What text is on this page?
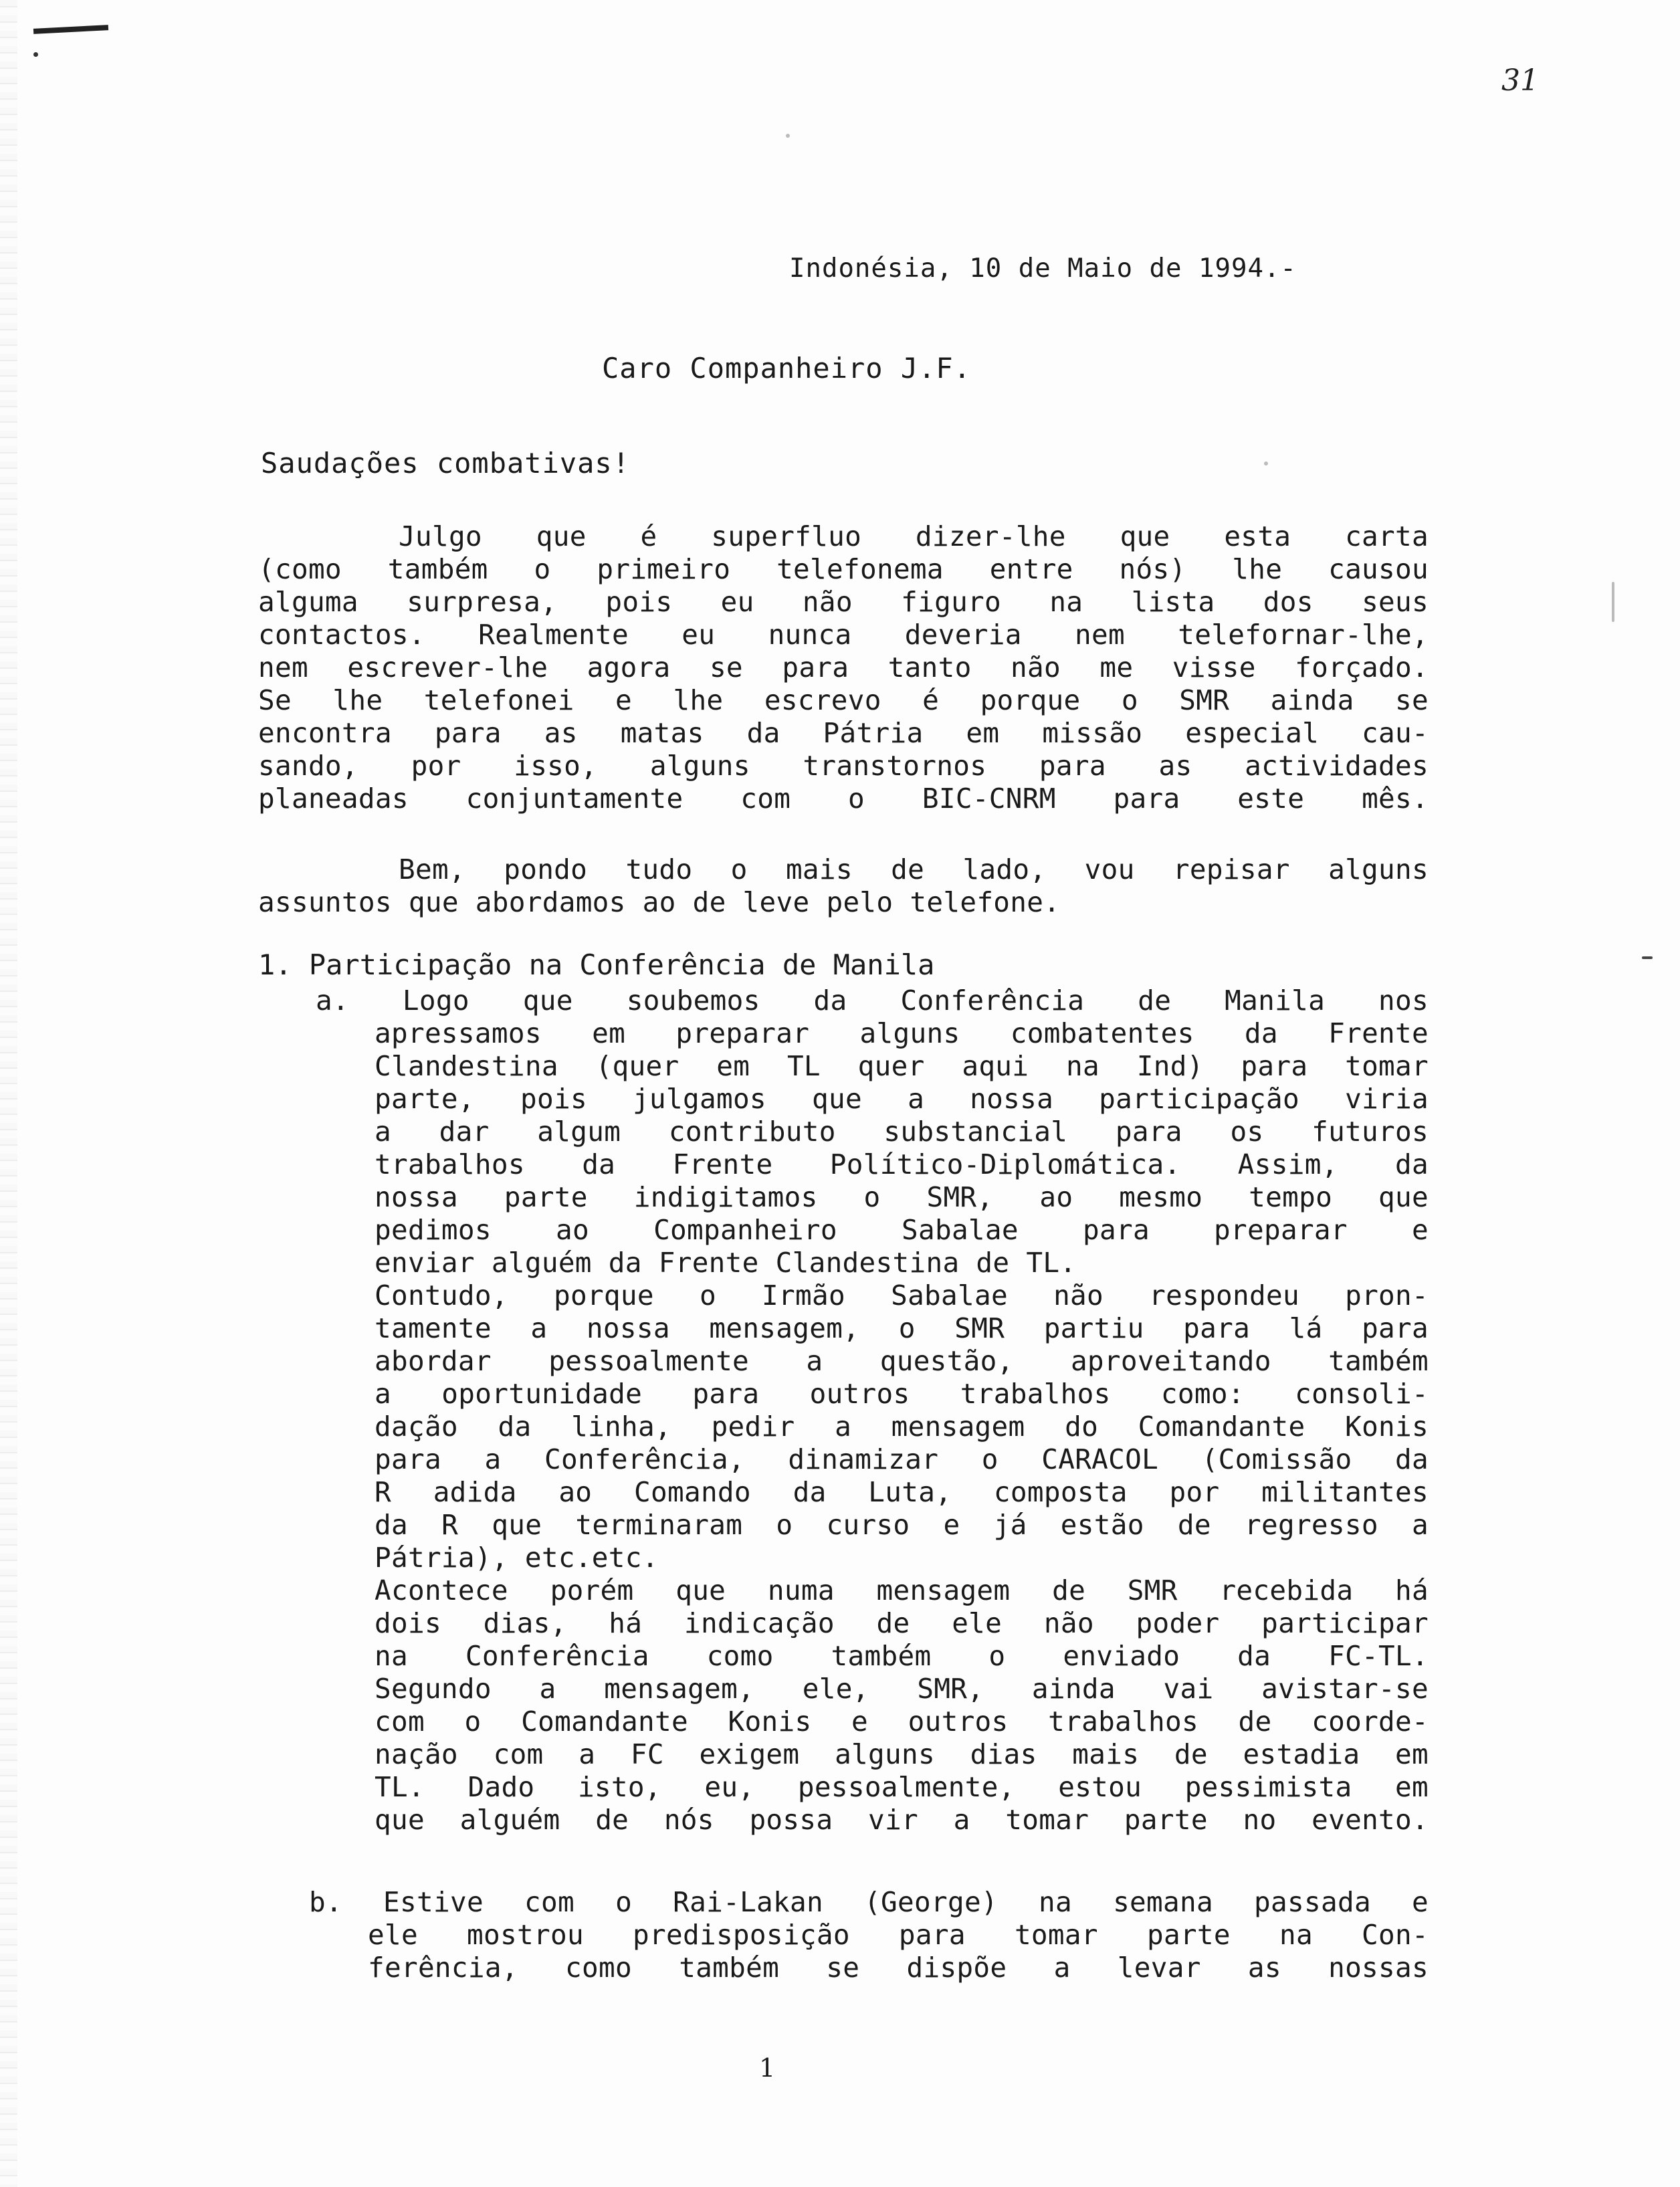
31
Indonésia, 10 de Maio de 1994.-
Caro Companheiro J.F.
Saudações combativas!
Julgo que é superfluo dizer-lhe que esta carta
(como também o primeiro telefonema entre nós) lhe causou
alguma surpresa, pois eu não figuro na lista dos seus
contactos. Realmente eu nunca deveria nem telefornar-lhe,
nem escrever-lhe agora se para tanto não me visse forçado.
Se lhe telefonei e lhe escrevo é porque o SMR ainda se
encontra para as matas da Pátria em missão especial cau-
sando, por isso, alguns transtornos para as actividades
planeadas conjuntamente com o BIC-CNRM para este mês.
Bem, pondo tudo o mais de lado, vou repisar alguns
assuntos que abordamos ao de leve pelo telefone.
1. Participação na Conferência de Manila
a. Logo que soubemos da Conferência de Manila nos
apressamos em preparar alguns combatentes da Frente
Clandestina (quer em TL quer aqui na Ind) para tomar
parte, pois julgamos que a nossa participação viria
a dar algum contributo substancial para os futuros
trabalhos da Frente Político-Diplomática. Assim, da
nossa parte indigitamos o SMR, ao mesmo tempo que
pedimos ao Companheiro Sabalae para preparar e
enviar alguém da Frente Clandestina de TL.
Contudo, porque o Irmão Sabalae não respondeu pron-
tamente a nossa mensagem, o SMR partiu para lá para
abordar pessoalmente a questão, aproveitando também
a oportunidade para outros trabalhos como: consoli-
dação da linha, pedir a mensagem do Comandante Konis
para a Conferência, dinamizar o CARACOL (Comissão da
R adida ao Comando da Luta, composta por militantes
da R que terminaram o curso e já estão de regresso a
Pátria), etc.etc.
Acontece porém que numa mensagem de SMR recebida há
dois dias, há indicação de ele não poder participar
na Conferência como também o enviado da FC-TL.
Segundo a mensagem, ele, SMR, ainda vai avistar-se
com o Comandante Konis e outros trabalhos de coorde-
nação com a FC exigem alguns dias mais de estadia em
TL. Dado isto, eu, pessoalmente, estou pessimista em
que alguém de nós possa vir a tomar parte no evento.
b. Estive com o Rai-Lakan (George) na semana passada e
ele mostrou predisposição para tomar parte na Con-
ferência, como também se dispõe a levar as nossas
1
